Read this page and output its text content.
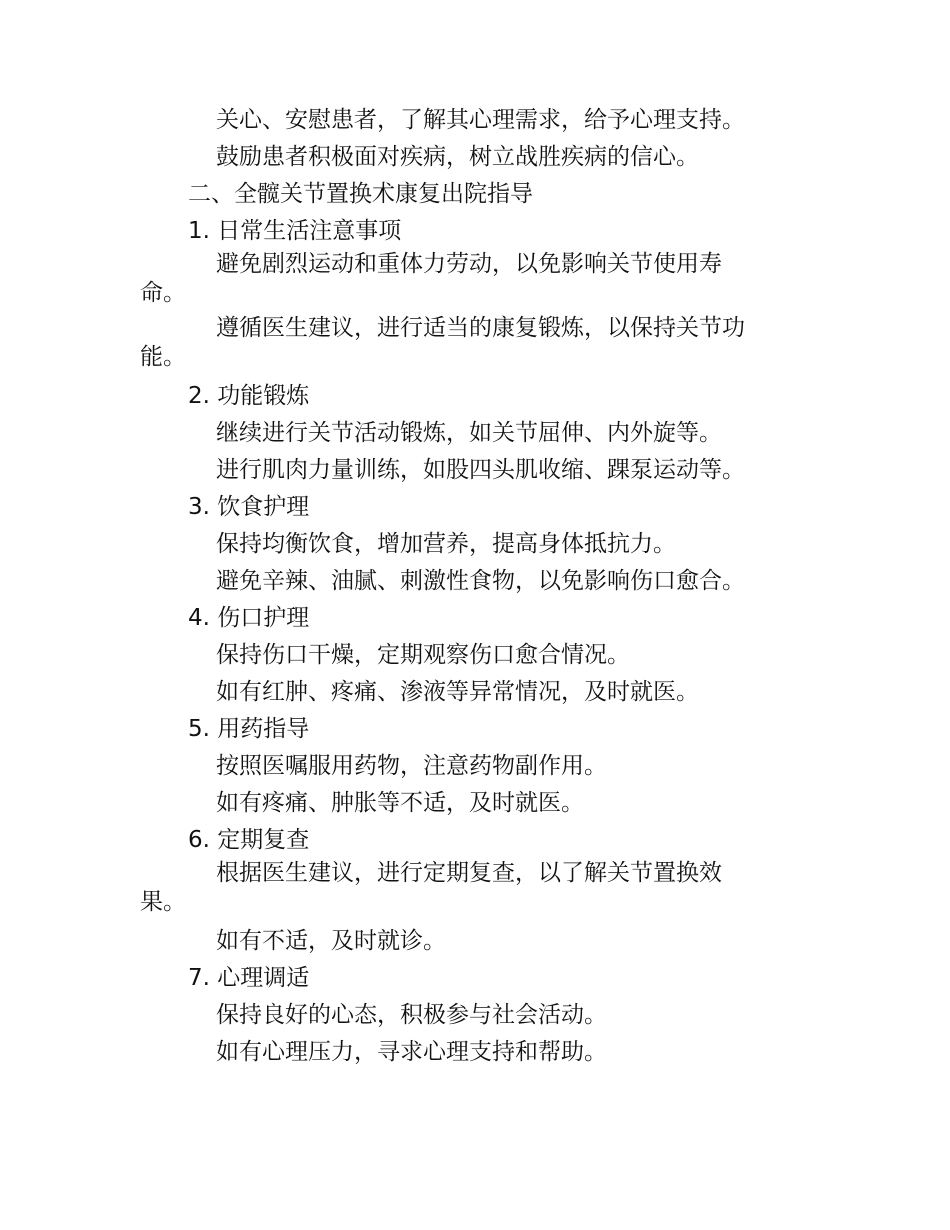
关心、安慰患者，了解其心理需求，给予心理支持。
鼓励患者积极面对疾病，树立战胜疾病的信心。
二、全髋关节置换术康复出院指导
1. 日常生活注意事项
避免剧烈运动和重体力劳动，以免影响关节使用寿
命。
遵循医生建议，进行适当的康复锻炼，以保持关节功
能。
2. 功能锻炼
继续进行关节活动锻炼，如关节屈伸、内外旋等。
进行肌肉力量训练，如股四头肌收缩、踝泵运动等。
3. 饮食护理
保持均衡饮食，增加营养，提高身体抵抗力。
避免辛辣、油腻、刺激性食物，以免影响伤口愈合。
4. 伤口护理
保持伤口干燥，定期观察伤口愈合情况。
如有红肿、疼痛、渗液等异常情况，及时就医。
5. 用药指导
按照医嘱服用药物，注意药物副作用。
如有疼痛、肿胀等不适，及时就医。
6. 定期复查
根据医生建议，进行定期复查，以了解关节置换效
果。
如有不适，及时就诊。
7. 心理调适
保持良好的心态，积极参与社会活动。
如有心理压力，寻求心理支持和帮助。
